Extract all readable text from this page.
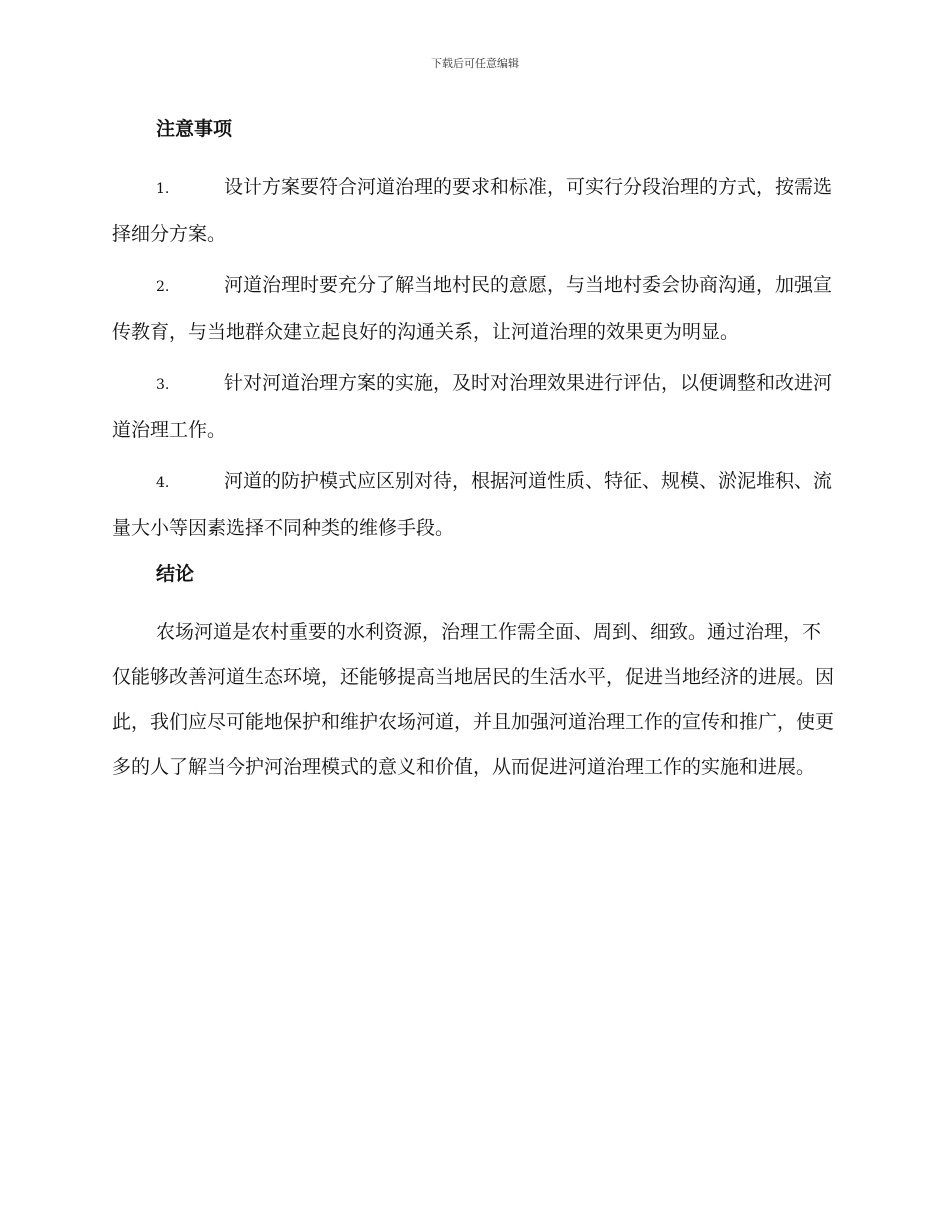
下载后可任意编辑
注意事项

1.	设计方案要符合河道治理的要求和标准，可实行分段治理的方式，按需选择细分方案。

2.	河道治理时要充分了解当地村民的意愿，与当地村委会协商沟通，加强宣传教育，与当地群众建立起良好的沟通关系，让河道治理的效果更为明显。

3.	针对河道治理方案的实施，及时对治理效果进行评估，以便调整和改进河道治理工作。

4.	河道的防护模式应区别对待，根据河道性质、特征、规模、淤泥堆积、流量大小等因素选择不同种类的维修手段。

结论

农场河道是农村重要的水利资源，治理工作需全面、周到、细致。通过治理，不仅能够改善河道生态环境，还能够提高当地居民的生活水平，促进当地经济的进展。因此，我们应尽可能地保护和维护农场河道，并且加强河道治理工作的宣传和推广，使更多的人了解当今护河治理模式的意义和价值，从而促进河道治理工作的实施和进展。
